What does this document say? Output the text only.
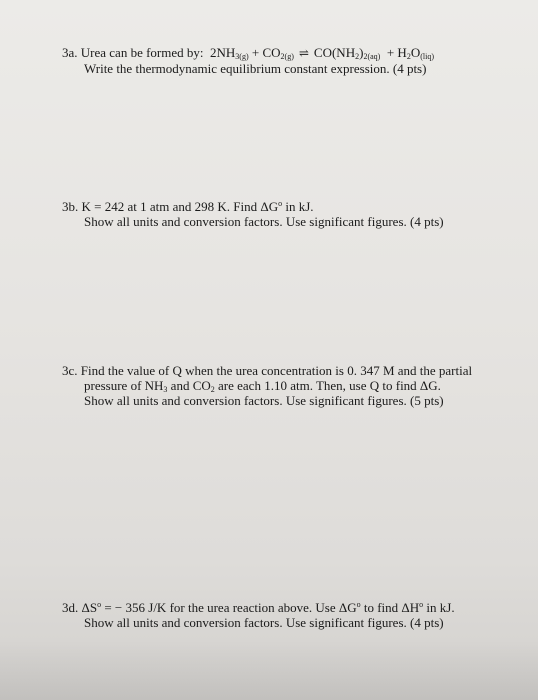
3a. Urea can be formed by: $2NH_{3(g)} + CO_{2(g)}$ ⇌ $CO(NH_2)_{2(aq)} + H_2O_{(liq)}$
Write the thermodynamic equilibrium constant expression. (4 pts)
3b. K = 242 at 1 atm and 298 K. Find $\Delta G^o$ in kJ.
Show all units and conversion factors. Use significant figures. (4 pts)
3c. Find the value of Q when the urea concentration is 0. 347 M and the partial
pressure of $NH_3$ and $CO_2$ are each 1.10 atm. Then, use Q to find ΔG.
Show all units and conversion factors. Use significant figures. (5 pts)
3d. $\Delta S^o$ = − 356 J/K for the urea reaction above. Use $\Delta G^o$ to find $\Delta H^o$ in kJ.
Show all units and conversion factors. Use significant figures. (4 pts)
